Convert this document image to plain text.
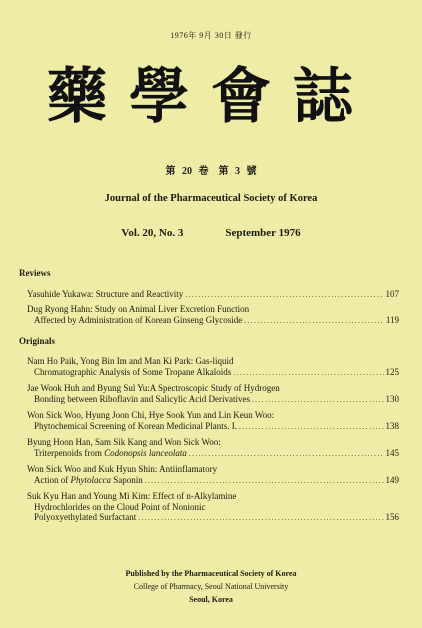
1976年 9月 30日 發行
藥學會誌
第 20 卷　第 3 號
Journal of the Pharmaceutical Society of Korea
Vol. 20, No. 3	September 1976
Reviews
Yasuhide Yukawa: Structure and Reactivity .....	107
Dug Ryong Hahn: Study on Animal Liver Excretion Function
Affected by Administration of Korean Ginseng Glycoside .....	119
Originals
Nam Ho Paik, Yong Bin Im and Man Ki Park: Gas-liquid
Chromatographic Analysis of Some Tropane Alkaloids .....	125
Jae Wook Huh and Byung Sul Yu:A Spectroscopic Study of Hydrogen
Bonding between Riboflavin and Salicylic Acid Derivatives .....	130
Won Sick Woo, Hyung Joon Chi, Hye Sook Yun and Lin Keun Woo:
Phytochemical Screening of Korean Medicinal Plants. I. .....	138
Byung Hoon Han, Sam Sik Kang and Won Sick Woo:
Triterpenoids from Codonopsis lanceolata .....	145
Won Sick Woo and Kuk Hyun Shin: Antiinflamatory
Action of Phytolacca Saponin .....	149
Suk Kyu Han and Young Mi Kim: Effect of n-Alkylamine
Hydrochlorides on the Cloud Point of Nonionic
Polyoxyethylated Surfactant .....	156
Published by the Pharmaceutical Society of Korea
College of Pharmacy, Seoul National University
Seoul, Korea
